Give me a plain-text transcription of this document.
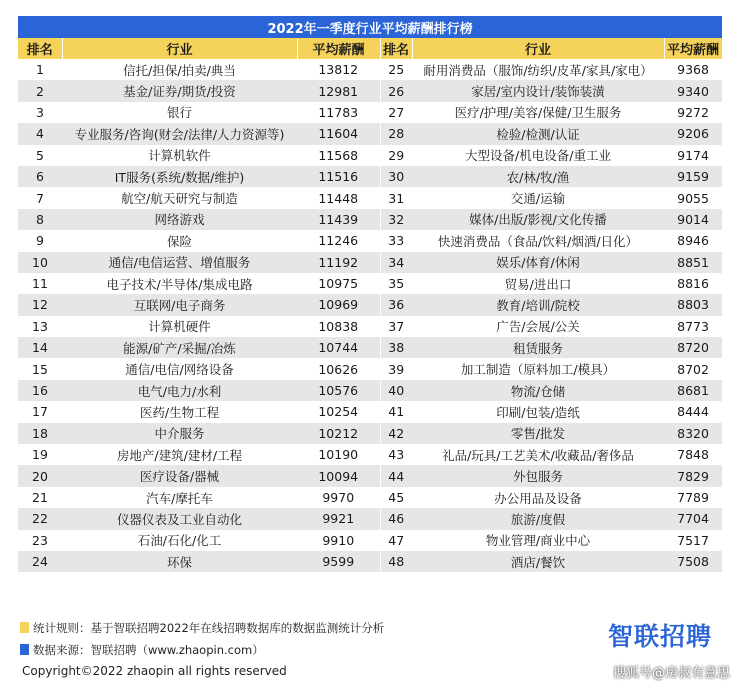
2022年一季度行业平均薪酬排行榜					
排名	行业	平均薪酬	排名	行业	平均薪酬
1	信托/担保/拍卖/典当	13812	25	耐用消费品（服饰/纺织/皮革/家具/家电）	9368
2	基金/证券/期货/投资	12981	26	家居/室内设计/装饰装潢	9340
3	银行	11783	27	医疗/护理/美容/保健/卫生服务	9272
4	专业服务/咨询(财会/法律/人力资源等)	11604	28	检验/检测/认证	9206
5	计算机软件	11568	29	大型设备/机电设备/重工业	9174
6	IT服务(系统/数据/维护)	11516	30	农/林/牧/渔	9159
7	航空/航天研究与制造	11448	31	交通/运输	9055
8	网络游戏	11439	32	媒体/出版/影视/文化传播	9014
9	保险	11246	33	快速消费品（食品/饮料/烟酒/日化）	8946
10	通信/电信运营、增值服务	11192	34	娱乐/体育/休闲	8851
11	电子技术/半导体/集成电路	10975	35	贸易/进出口	8816
12	互联网/电子商务	10969	36	教育/培训/院校	8803
13	计算机硬件	10838	37	广告/会展/公关	8773
14	能源/矿产/采掘/冶炼	10744	38	租赁服务	8720
15	通信/电信/网络设备	10626	39	加工制造（原料加工/模具）	8702
16	电气/电力/水利	10576	40	物流/仓储	8681
17	医药/生物工程	10254	41	印刷/包装/造纸	8444
18	中介服务	10212	42	零售/批发	8320
19	房地产/建筑/建材/工程	10190	43	礼品/玩具/工艺美术/收藏品/奢侈品	7848
20	医疗设备/器械	10094	44	外包服务	7829
21	汽车/摩托车	9970	45	办公用品及设备	7789
22	仪器仪表及工业自动化	9921	46	旅游/度假	7704
23	石油/石化/化工	9910	47	物业管理/商业中心	7517
24	环保	9599	48	酒店/餐饮	7508
统计规则：基于智联招聘2022年在线招聘数据库的数据监测统计分析
数据来源：智联招聘（www.zhaopin.com）	智联招聘
Copyright©2022 zhaopin all rights reserved	搜狐号@房叔有意思
